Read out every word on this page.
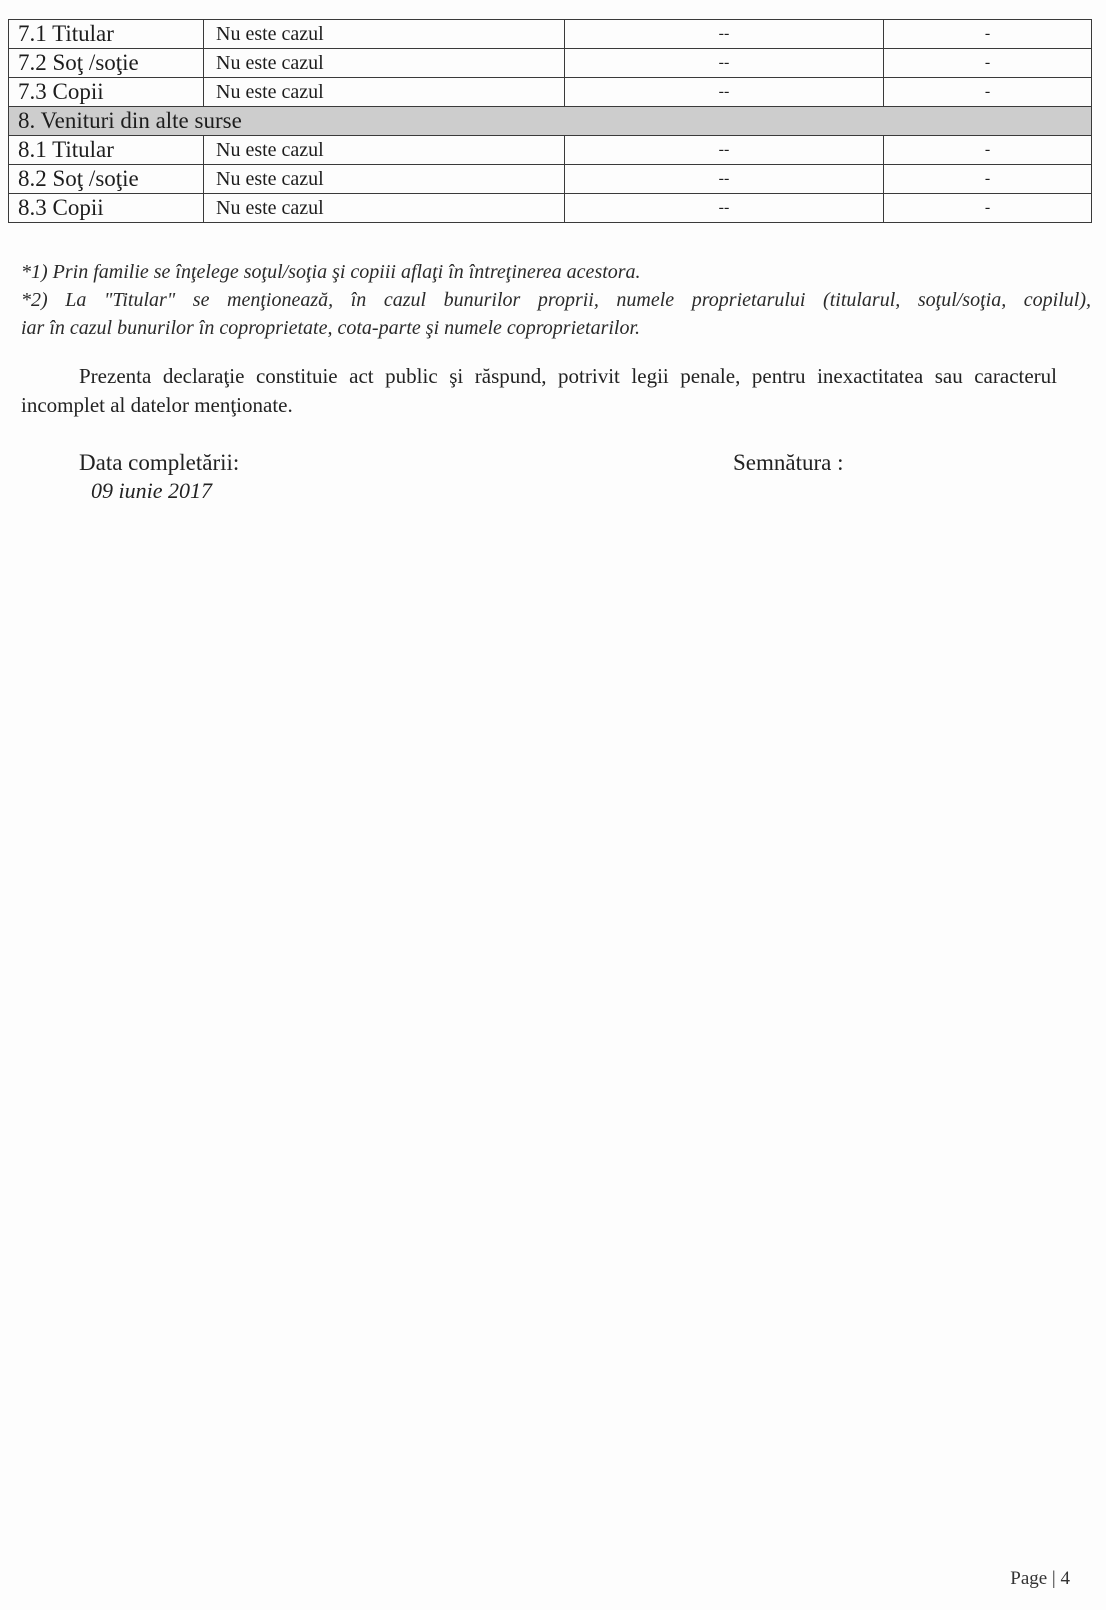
7.1 Titular	Nu este cazul	--	-
7.2 Soţ /soţie	Nu este cazul	--	-
7.3 Copii	Nu este cazul	--	-
8. Venituri din alte surse			
8.1 Titular	Nu este cazul	--	-
8.2 Soţ /soţie	Nu este cazul	--	-
8.3 Copii	Nu este cazul	--	-

*1) Prin familie se înţelege soţul/soţia şi copiii aflaţi în întreţinerea acestora.

*2) La "Titular" se menţionează, în cazul bunurilor proprii, numele proprietarului (titularul, soţul/soţia, copilul),

iar în cazul bunurilor în coproprietate, cota-parte şi numele coproprietarilor.

Prezenta declaraţie constituie act public şi răspund, potrivit legii penale, pentru inexactitatea sau caracterul incomplet al datelor menţionate.

Data completării:
09 iunie 2017
Semnătura :
Page | 4
